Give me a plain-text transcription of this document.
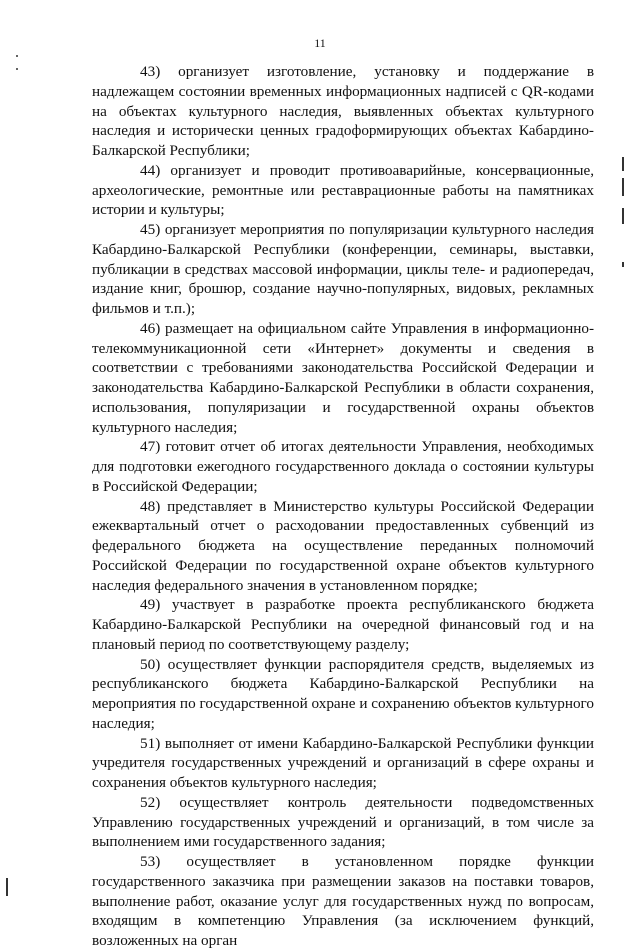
11

43) организует изготовление, установку и поддержание в надлежащем состоянии временных информационных надписей с QR-кодами на объектах культурного наследия, выявленных объектах культурного наследия и исторически ценных градоформирующих объектах Кабардино-Балкарской Республики;

44) организует и проводит противоаварийные, консервационные, археологические, ремонтные или реставрационные работы на памятниках истории и культуры;

45) организует мероприятия по популяризации культурного наследия Кабардино-Балкарской Республики (конференции, семинары, выставки, публикации в средствах массовой информации, циклы теле- и радиопередач, издание книг, брошюр, создание научно-популярных, видовых, рекламных фильмов и т.п.);

46) размещает на официальном сайте Управления в информационно-телекоммуникационной сети «Интернет» документы и сведения в соответствии с требованиями законодательства Российской Федерации и законодательства Кабардино-Балкарской Республики в области сохранения, использования, популяризации и государственной охраны объектов культурного наследия;

47) готовит отчет об итогах деятельности Управления, необходимых для подготовки ежегодного государственного доклада о состоянии культуры в Российской Федерации;

48) представляет в Министерство культуры Российской Федерации ежеквартальный отчет о расходовании предоставленных субвенций из федерального бюджета на осуществление переданных полномочий Российской Федерации по государственной охране объектов культурного наследия федерального значения в установленном порядке;

49) участвует в разработке проекта республиканского бюджета Кабардино-Балкарской Республики на очередной финансовый год и на плановый период по соответствующему разделу;

50) осуществляет функции распорядителя средств, выделяемых из республиканского бюджета Кабардино-Балкарской Республики на мероприятия по государственной охране и сохранению объектов культурного наследия;

51) выполняет от имени Кабардино-Балкарской Республики функции учредителя государственных учреждений и организаций в сфере охраны и сохранения объектов культурного наследия;

52) осуществляет контроль деятельности подведомственных Управлению государственных учреждений и организаций, в том числе за выполнением ими государственного задания;

53) осуществляет в установленном порядке функции государственного заказчика при размещении заказов на поставки товаров, выполнение работ, оказание услуг для государственных нужд по вопросам, входящим в компетенцию Управления (за исключением функций, возложенных на орган
